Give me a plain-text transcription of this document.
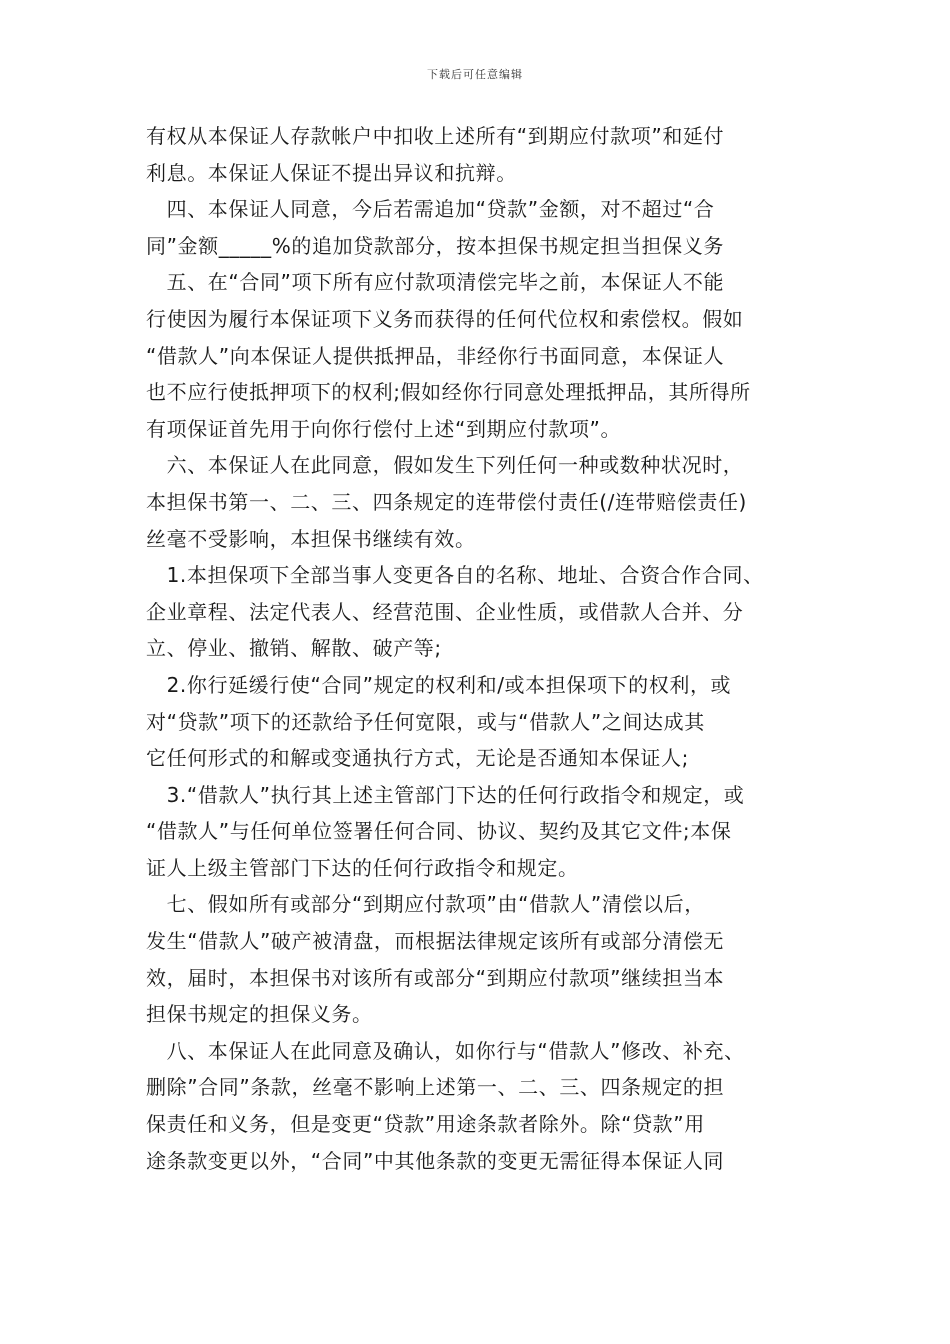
下载后可任意编辑

有权从本保证人存款帐户中扣收上述所有“到期应付款项”和延付
利息。本保证人保证不提出异议和抗辩。

　四、本保证人同意，今后若需追加“贷款”金额，对不超过“合
同”金额_____%的追加贷款部分，按本担保书规定担当担保义务

　五、在“合同”项下所有应付款项清偿完毕之前，本保证人不能
行使因为履行本保证项下义务而获得的任何代位权和索偿权。假如
“借款人”向本保证人提供抵押品，非经你行书面同意，本保证人
也不应行使抵押项下的权利;假如经你行同意处理抵押品，其所得所
有项保证首先用于向你行偿付上述“到期应付款项”。

　六、本保证人在此同意，假如发生下列任何一种或数种状况时，
本担保书第一、二、三、四条规定的连带偿付责任(/连带赔偿责任)
丝毫不受影响，本担保书继续有效。

　1.本担保项下全部当事人变更各自的名称、地址、合资合作合同、
企业章程、法定代表人、经营范围、企业性质，或借款人合并、分
立、停业、撤销、解散、破产等;

　2.你行延缓行使“合同”规定的权利和/或本担保项下的权利，或
对“贷款”项下的还款给予任何宽限，或与“借款人”之间达成其
它任何形式的和解或变通执行方式，无论是否通知本保证人;

　3.“借款人”执行其上述主管部门下达的任何行政指令和规定，或
“借款人”与任何单位签署任何合同、协议、契约及其它文件;本保
证人上级主管部门下达的任何行政指令和规定。

　七、假如所有或部分“到期应付款项”由“借款人”清偿以后，
发生“借款人”破产被清盘，而根据法律规定该所有或部分清偿无
效，届时，本担保书对该所有或部分“到期应付款项”继续担当本
担保书规定的担保义务。

　八、本保证人在此同意及确认，如你行与“借款人”修改、补充、
删除”合同”条款，丝毫不影响上述第一、二、三、四条规定的担
保责任和义务，但是变更“贷款”用途条款者除外。除“贷款”用
途条款变更以外，“合同”中其他条款的变更无需征得本保证人同
